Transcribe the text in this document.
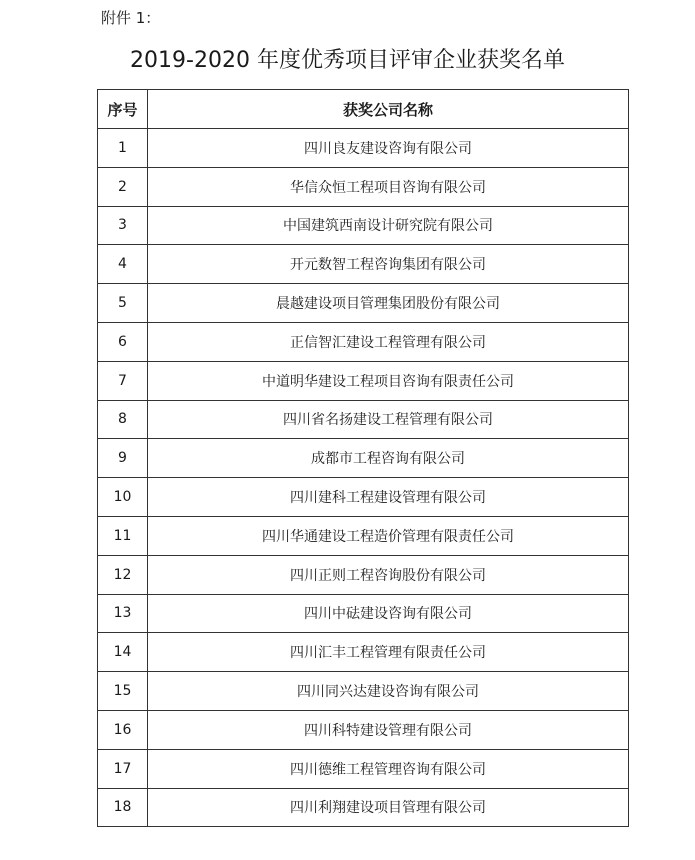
附件 1：
2019-2020 年度优秀项目评审企业获奖名单
序号	获奖公司名称
1	四川良友建设咨询有限公司
2	华信众恒工程项目咨询有限公司
3	中国建筑西南设计研究院有限公司
4	开元数智工程咨询集团有限公司
5	晨越建设项目管理集团股份有限公司
6	正信智汇建设工程管理有限公司
7	中道明华建设工程项目咨询有限责任公司
8	四川省名扬建设工程管理有限公司
9	成都市工程咨询有限公司
10	四川建科工程建设管理有限公司
11	四川华通建设工程造价管理有限责任公司
12	四川正则工程咨询股份有限公司
13	四川中砝建设咨询有限公司
14	四川汇丰工程管理有限责任公司
15	四川同兴达建设咨询有限公司
16	四川科特建设管理有限公司
17	四川德维工程管理咨询有限公司
18	四川利翔建设项目管理有限公司
